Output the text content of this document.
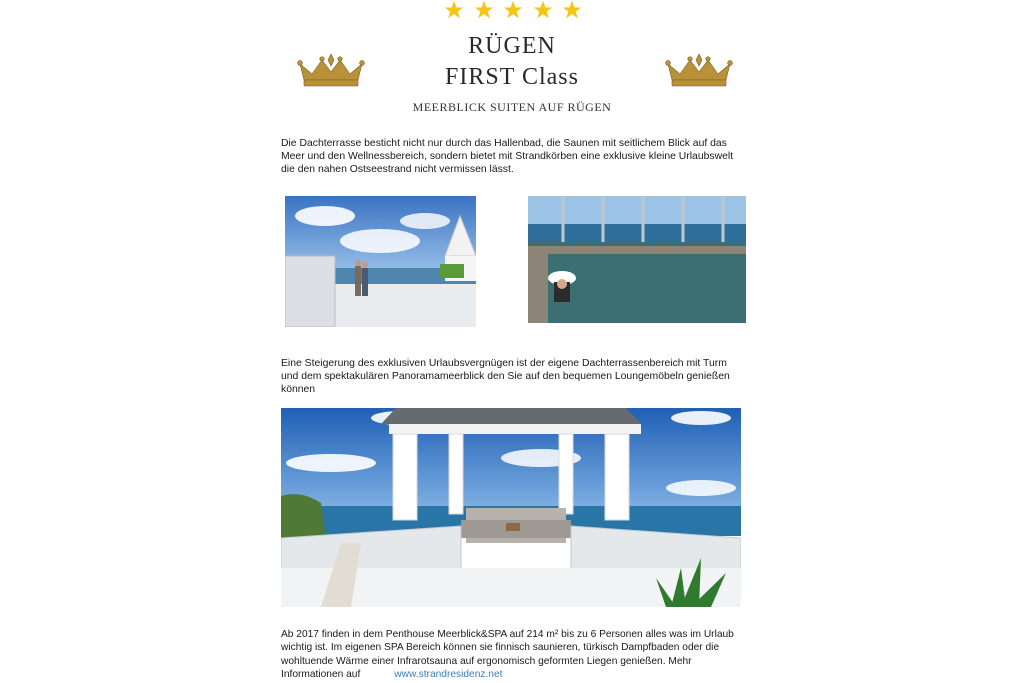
RÜGEN
FIRST Class
MEERBLICK SUITEN AUF RÜGEN
Die Dachterrasse besticht nicht nur durch das Hallenbad, die Saunen mit seitlichem Blick auf das Meer und den Wellnessbereich, sondern bietet mit Strandkörben eine exklusive kleine Urlaubswelt die den nahen Ostseestrand nicht vermissen lässt.
Eine Steigerung des exklusiven Urlaubsvergnügen ist der eigene Dachterrassenbereich mit Turm und dem spektakulären Panoramameerblick den Sie auf den bequemen Loungemöbeln genießen können
Ab 2017 finden in dem Penthouse Meerblick&SPA auf 214 m² bis zu 6 Personen alles was im Urlaub wichtig ist. Im eigenen SPA Bereich können sie finnisch saunieren, türkisch Dampfbaden oder die wohltuende Wärme einer Infrarotsauna auf ergonomisch geformten Liegen genießen. Mehr Informationen auf	www.strandresidenz.net
